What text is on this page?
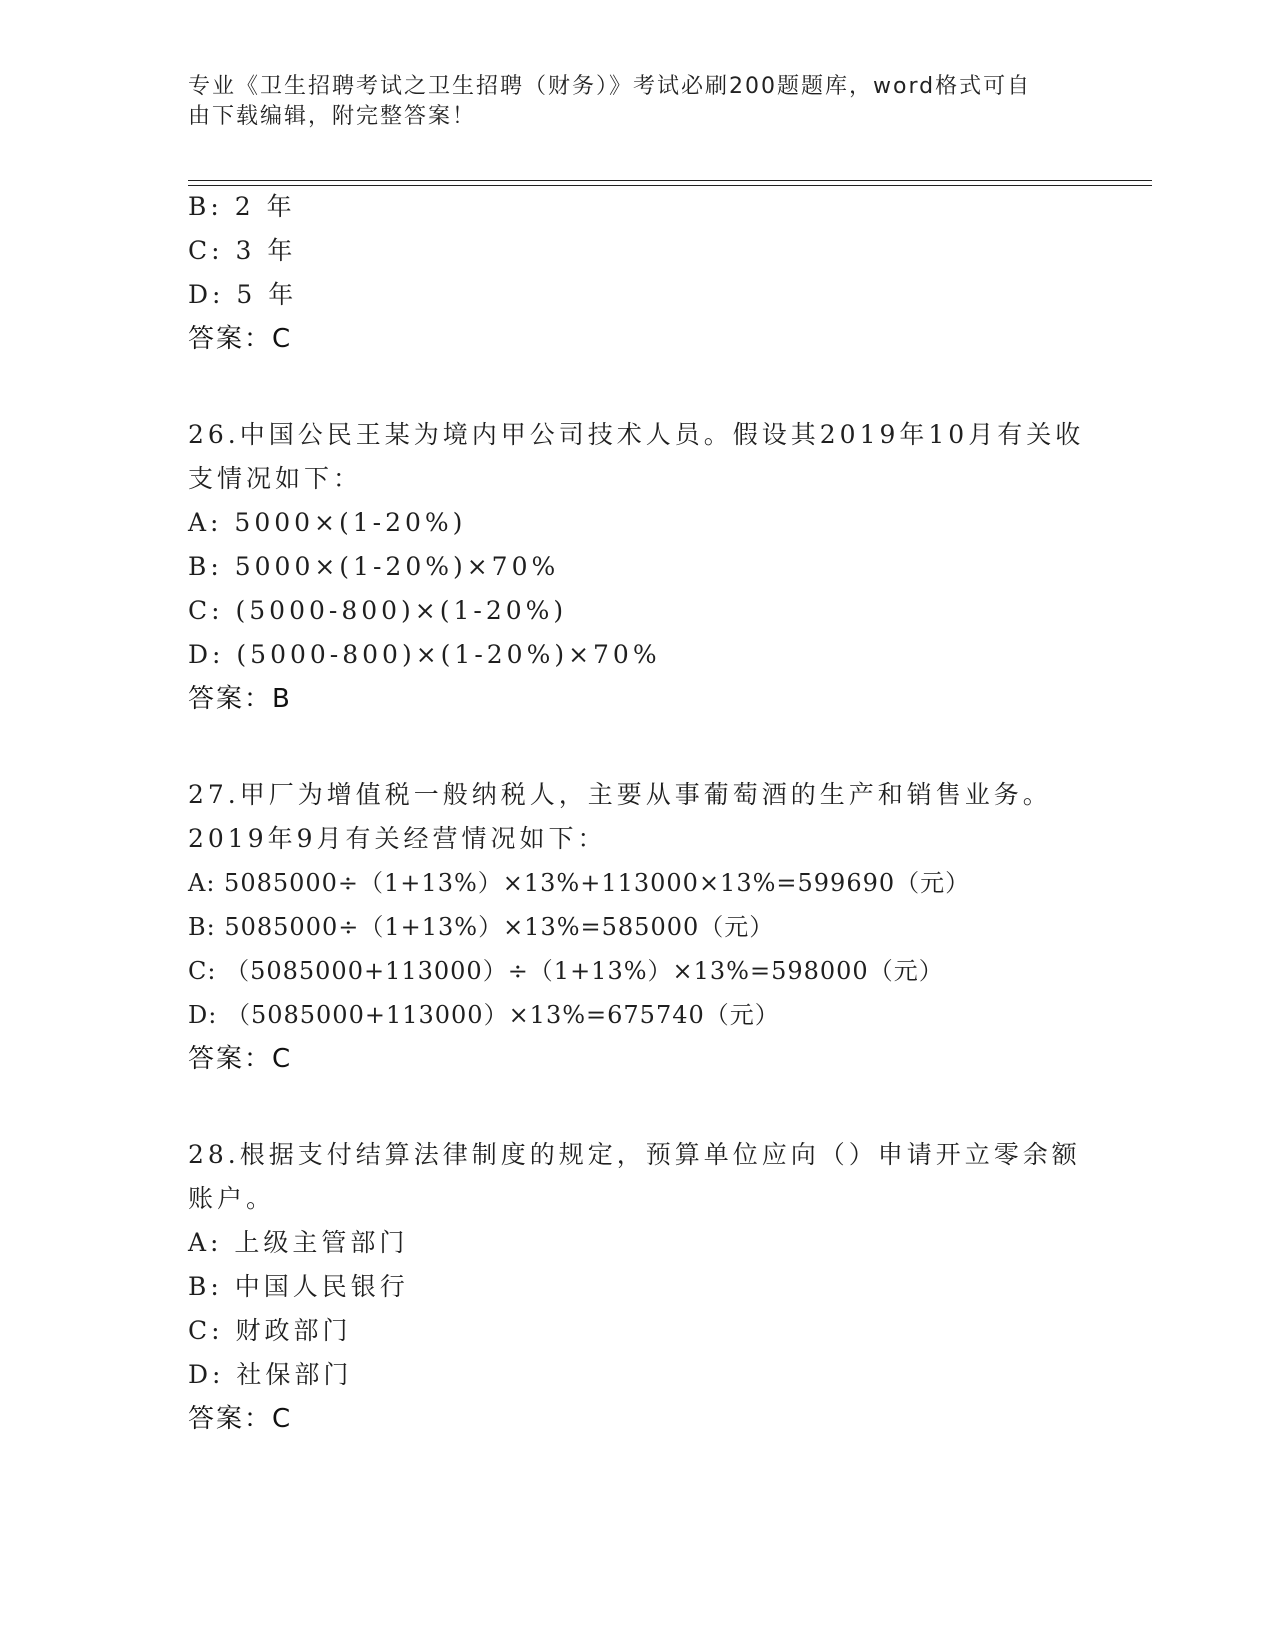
专业《卫生招聘考试之卫生招聘（财务）》考试必刷200题题库，word格式可自
由下载编辑，附完整答案！
B: 2 年
C: 3 年
D: 5 年
答案：C
26.中国公民王某为境内甲公司技术人员。假设其2019年10月有关收
支情况如下：
A: 5000×(1-20%)
B: 5000×(1-20%)×70%
C: (5000-800)×(1-20%)
D: (5000-800)×(1-20%)×70%
答案：B
27.甲厂为增值税一般纳税人，主要从事葡萄酒的生产和销售业务。
2019年9月有关经营情况如下：
A: 5085000÷（1+13%）×13%+113000×13%=599690（元）
B: 5085000÷（1+13%）×13%=585000（元）
C: （5085000+113000）÷（1+13%）×13%=598000（元）
D: （5085000+113000）×13%=675740（元）
答案：C
28.根据支付结算法律制度的规定，预算单位应向（）申请开立零余额
账户。
A: 上级主管部门
B: 中国人民银行
C: 财政部门
D: 社保部门
答案：C
